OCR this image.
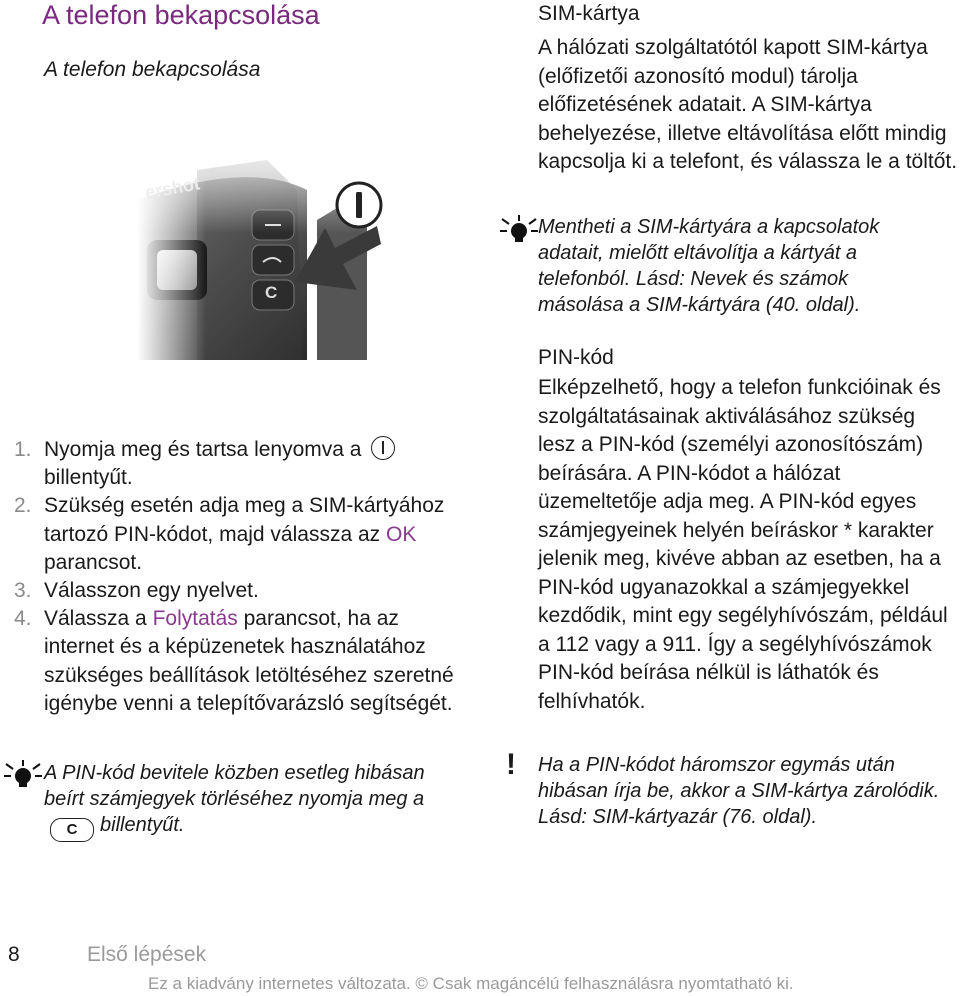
A telefon bekapcsolása
A telefon bekapcsolása
ershot
C
1. Nyomja meg és tartsa lenyomva a
billentyűt.
2. Szükség esetén adja meg a SIM-kártyához tartozó PIN-kódot, majd válassza az OK parancsot.
3. Válasszon egy nyelvet.
4. Válassza a Folytatás parancsot, ha az internet és a képüzenetek használatához szükséges beállítások letöltéséhez szeretné igénybe venni a telepítővarázsló segítségét.
A PIN-kód bevitele közben esetleg hibásan beírt számjegyek törléséhez nyomja meg aC billentyűt.
SIM-kártya
A hálózati szolgáltatótól kapott SIM-kártya (előfizetői azonosító modul) tárolja előfizetésének adatait. A SIM-kártya behelyezése, illetve eltávolítása előtt mindig kapcsolja ki a telefont, és válassza le a töltőt.
Mentheti a SIM-kártyára a kapcsolatok adatait, mielőtt eltávolítja a kártyát a telefonból. Lásd: Nevek és számok másolása a SIM-kártyára (40. oldal).
PIN-kód
Elképzelhető, hogy a telefon funkcióinak és szolgáltatásainak aktiválásához szükség lesz a PIN-kód (személyi azonosítószám) beírására. A PIN-kódot a hálózat üzemeltetője adja meg. A PIN-kód egyes számjegyeinek helyén beíráskor * karakter jelenik meg, kivéve abban az esetben, ha a PIN-kód ugyanazokkal a számjegyekkel kezdődik, mint egy segélyhívószám, például a 112 vagy a 911. Így a segélyhívószámok PIN-kód beírása nélkül is láthatók és felhívhatók.
! Ha a PIN-kódot háromszor egymás után hibásan írja be, akkor a SIM-kártya zárolódik. Lásd: SIM-kártyazár (76. oldal).
8	Első lépések
Ez a kiadvány internetes változata. © Csak magáncélú felhasználásra nyomtatható ki.
